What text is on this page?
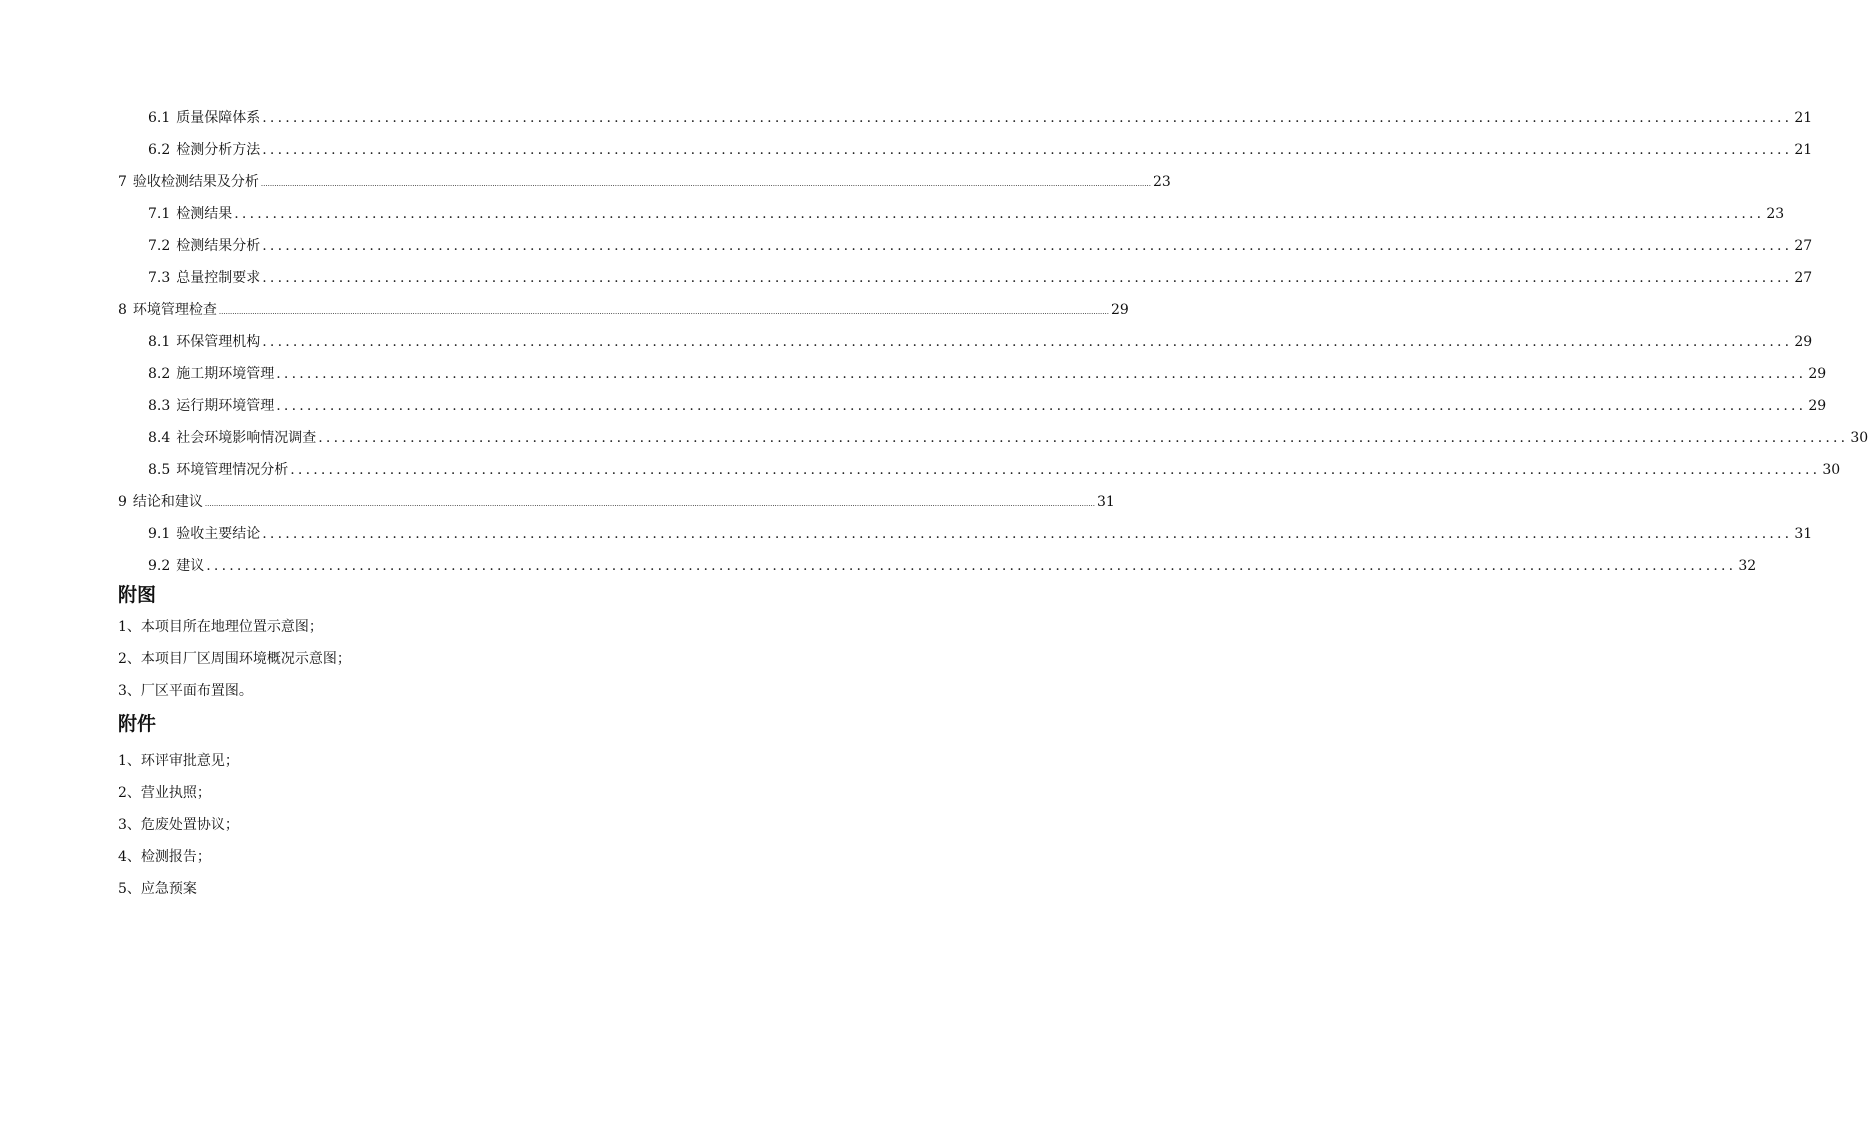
6.1 质量保障体系 ........................................................................................................................................................................................................ 21
6.2 检测分析方法 ........................................................................................................................................................................................................ 21
7 验收检测结果及分析 ................................................................................................................................................................................................................................................................................................................................................................................................................ 23
7.1 检测结果 ........................................................................................................................................................................................................ 23
7.2 检测结果分析 ........................................................................................................................................................................................................ 27
7.3 总量控制要求 ........................................................................................................................................................................................................ 27
8 环境管理检查 ................................................................................................................................................................................................................................................................................................................................................................................................................ 29
8.1 环保管理机构 ........................................................................................................................................................................................................ 29
8.2 施工期环境管理 ........................................................................................................................................................................................................ 29
8.3 运行期环境管理 ........................................................................................................................................................................................................ 29
8.4 社会环境影响情况调查 ........................................................................................................................................................................................................ 30
8.5 环境管理情况分析 ........................................................................................................................................................................................................ 30
9 结论和建议 ................................................................................................................................................................................................................................................................................................................................................................................................................ 31
9.1 验收主要结论 ........................................................................................................................................................................................................ 31
9.2 建议 ........................................................................................................................................................................................................ 32
附图
1、本项目所在地理位置示意图；
2、本项目厂区周围环境概况示意图；
3、厂区平面布置图。
附件
1、环评审批意见；
2、营业执照；
3、危废处置协议；
4、检测报告；
5、应急预案
